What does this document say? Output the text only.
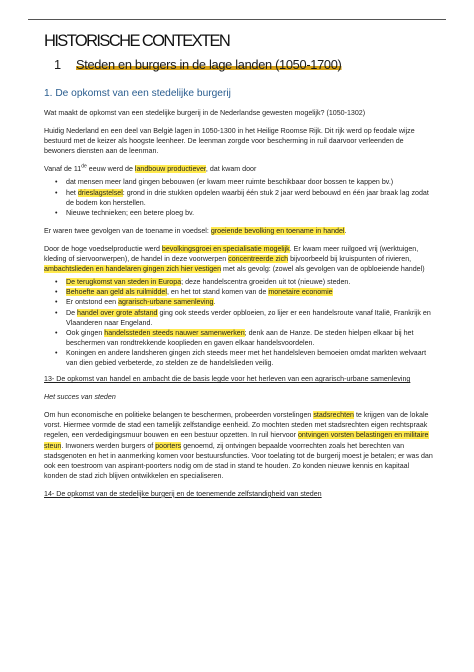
HISTORISCHE CONTEXTEN
1 Steden en burgers in de lage landen (1050-1700)
1. De opkomst van een stedelijke burgerij

Wat maakt de opkomst van een stedelijke burgerij in de Nederlandse gewesten mogelijk? (1050-1302)

Huidig Nederland en een deel van België lagen in 1050-1300 in het Heilige Roomse Rijk. Dit rijk werd op feodale wijze bestuurd met de keizer als hoogste leenheer. De leenman zorgde voor bescherming in ruil daarvoor verleenden de bewoners diensten aan de leenman.

Vanaf de 11de eeuw werd de landbouw productiever, dat kwam door

• dat mensen meer land gingen bebouwen (er kwam meer ruimte beschikbaar door bossen te kappen bv.)
• het drieslagstelsel: grond in drie stukken opdelen waarbij één stuk 2 jaar werd bebouwd en één jaar braak lag zodat de bodem kon herstellen.
• Nieuwe technieken; een betere ploeg bv.

Er waren twee gevolgen van de toename in voedsel: groeiende bevolking en toename in handel.

Door de hoge voedselproductie werd bevolkingsgroei en specialisatie mogelijk. Er kwam meer ruilgoed vrij (werktuigen, kleding of siervoorwerpen), de handel in deze voorwerpen concentreerde zich bijvoorbeeld bij kruispunten of rivieren, ambachtslieden en handelaren gingen zich hier vestigen met als gevolg: (zowel als gevolgen van de opbloeiende handel)

• De terugkomst van steden in Europa; deze handelscentra groeiden uit tot (nieuwe) steden.
• Behoefte aan geld als ruilmiddel, en het tot stand komen van de monetaire economie
• Er ontstond een agrarisch-urbane samenleving.
• De handel over grote afstand ging ook steeds verder opbloeien, zo lijer er een handelsroute vanaf Italië, Frankrijk en Vlaanderen naar Engeland.
• Ook gingen handelssteden steeds nauwer samenwerken; denk aan de Hanze. De steden hielpen elkaar bij het beschermen van rondtrekkende kooplieden en gaven elkaar handelsvoordelen.
• Koningen en andere landsheren gingen zich steeds meer met het handelsleven bemoeien omdat markten welvaart van dien gebied verbeterde, zo stelden ze de handelslieden veilig.

13- De opkomst van handel en ambacht die de basis legde voor het herleven van een agrarisch-urbane samenleving

Het succes van steden

Om hun economische en politieke belangen te beschermen, probeerden vorstelingen stadsrechten te krijgen van de lokale vorst. Hiermee vormde de stad een tamelijk zelfstandige eenheid. Zo mochten steden met stadsrechten eigen rechtspraak regelen, een verdedigingsmuur bouwen en een bestuur opzetten. In ruil hiervoor ontvingen vorsten belastingen en militaire steun. Inwoners werden burgers of poorters genoemd, zij ontvingen bepaalde voorrechten zoals het berechten van stadsgenoten en het in aanmerking komen voor bestuursfuncties. Voor toelating tot de burgerij moest je betalen; er was dan ook een toestroom van aspirant-poorters nodig om de stad in stand te houden. Zo konden nieuwe kennis en kapitaal konden de stad zich blijven ontwikkelen en specialiseren.

14- De opkomst van de stedelijke burgerij en de toenemende zelfstandigheid van steden
